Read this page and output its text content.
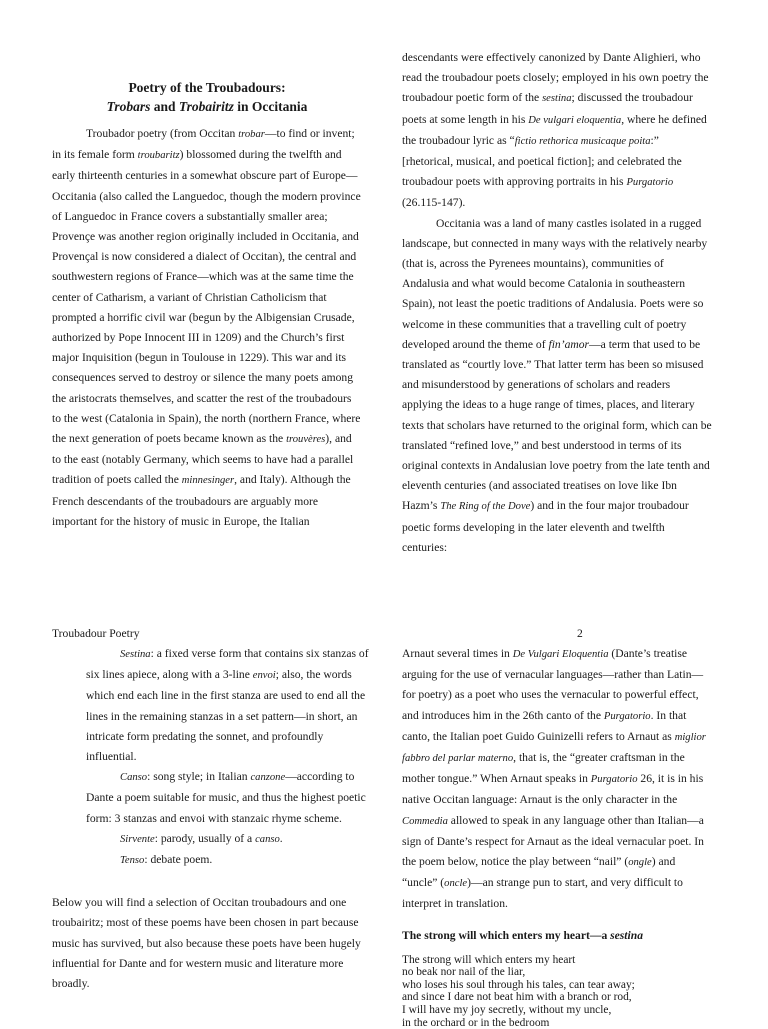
Poetry of the Troubadours:

Trobars and Trobairitz in Occitania

Troubador poetry (from Occitan trobar—to find or invent; in its female form troubaritz) blossomed during the twelfth and early thirteenth centuries in a somewhat obscure part of Europe—Occitania (also called the Languedoc, though the modern province of Languedoc in France covers a substantially smaller area; Provençe was another region originally included in Occitania, and Provençal is now considered a dialect of Occitan), the central and southwestern regions of France—which was at the same time the center of Catharism, a variant of Christian Catholicism that prompted a horrific civil war (begun by the Albigensian Crusade, authorized by Pope Innocent III in 1209) and the Church’s first major Inquisition (begun in Toulouse in 1229). This war and its consequences served to destroy or silence the many poets among the aristocrats themselves, and scatter the rest of the troubadours to the west (Catalonia in Spain), the north (northern France, where the next generation of poets became known as the trouvères), and to the east (notably Germany, which seems to have had a parallel tradition of poets called the minnesinger, and Italy). Although the French descendants of the troubadours are arguably more important for the history of music in Europe, the Italian

descendants were effectively canonized by Dante Alighieri, who read the troubadour poets closely; employed in his own poetry the troubadour poetic form of the sestina; discussed the troubadour poets at some length in his De vulgari eloquentia, where he defined the troubadour lyric as “fictio rethorica musicaque poita:” [rhetorical, musical, and poetical fiction]; and celebrated the troubadour poets with approving portraits in his Purgatorio (26.115-147).

Occitania was a land of many castles isolated in a rugged landscape, but connected in many ways with the relatively nearby (that is, across the Pyrenees mountains), communities of Andalusia and what would become Catalonia in southeastern Spain), not least the poetic traditions of Andalusia. Poets were so welcome in these communities that a travelling cult of poetry developed around the theme of fin’amor—a term that used to be translated as “courtly love.” That latter term has been so misused and misunderstood by generations of scholars and readers applying the ideas to a huge range of times, places, and literary texts that scholars have returned to the original form, which can be translated “refined love,” and best understood in terms of its original contexts in Andalusian love poetry from the late tenth and eleventh centuries (and associated treatises on love like Ibn Hazm’s The Ring of the Dove) and in the four major troubadour poetic forms developing in the later eleventh and twelfth centuries:

Troubadour Poetry	2
Sestina: a fixed verse form that contains six stanzas of six lines apiece, along with a 3-line envoi; also, the words which end each line in the first stanza are used to end all the lines in the remaining stanzas in a set pattern—in short, an intricate form predating the sonnet, and profoundly influential.
Canso: song style; in Italian canzone—according to Dante a poem suitable for music, and thus the highest poetic form: 3 stanzas and envoi with stanzaic rhyme scheme.
Sirvente: parody, usually of a canso.
Tenso: debate poem.

Below you will find a selection of Occitan troubadours and one troubairitz; most of these poems have been chosen in part because music has survived, but also because these poets have been hugely influential for Dante and for western music and literature more broadly.

Arnaut several times in De Vulgari Eloquentia (Dante’s treatise arguing for the use of vernacular languages—rather than Latin—for poetry) as a poet who uses the vernacular to powerful effect, and introduces him in the 26th canto of the Purgatorio. In that canto, the Italian poet Guido Guinizelli refers to Arnaut as miglior fabbro del parlar materno, that is, the “greater craftsman in the mother tongue.” When Arnaut speaks in Purgatorio 26, it is in his native Occitan language: Arnaut is the only character in the Commedia allowed to speak in any language other than Italian—a sign of Dante’s respect for Arnaut as the ideal vernacular poet. In the poem below, notice the play between “nail” (ongle) and “uncle” (oncle)—an strange pun to start, and very difficult to interpret in translation.

The strong will which enters my heart—a sestina

The strong will which enters my heart
no beak nor nail of the liar,
who loses his soul through his tales, can tear away;
and since I dare not beat him with a branch or rod,
I will have my joy secretly, without my uncle,
in the orchard or in the bedroom
